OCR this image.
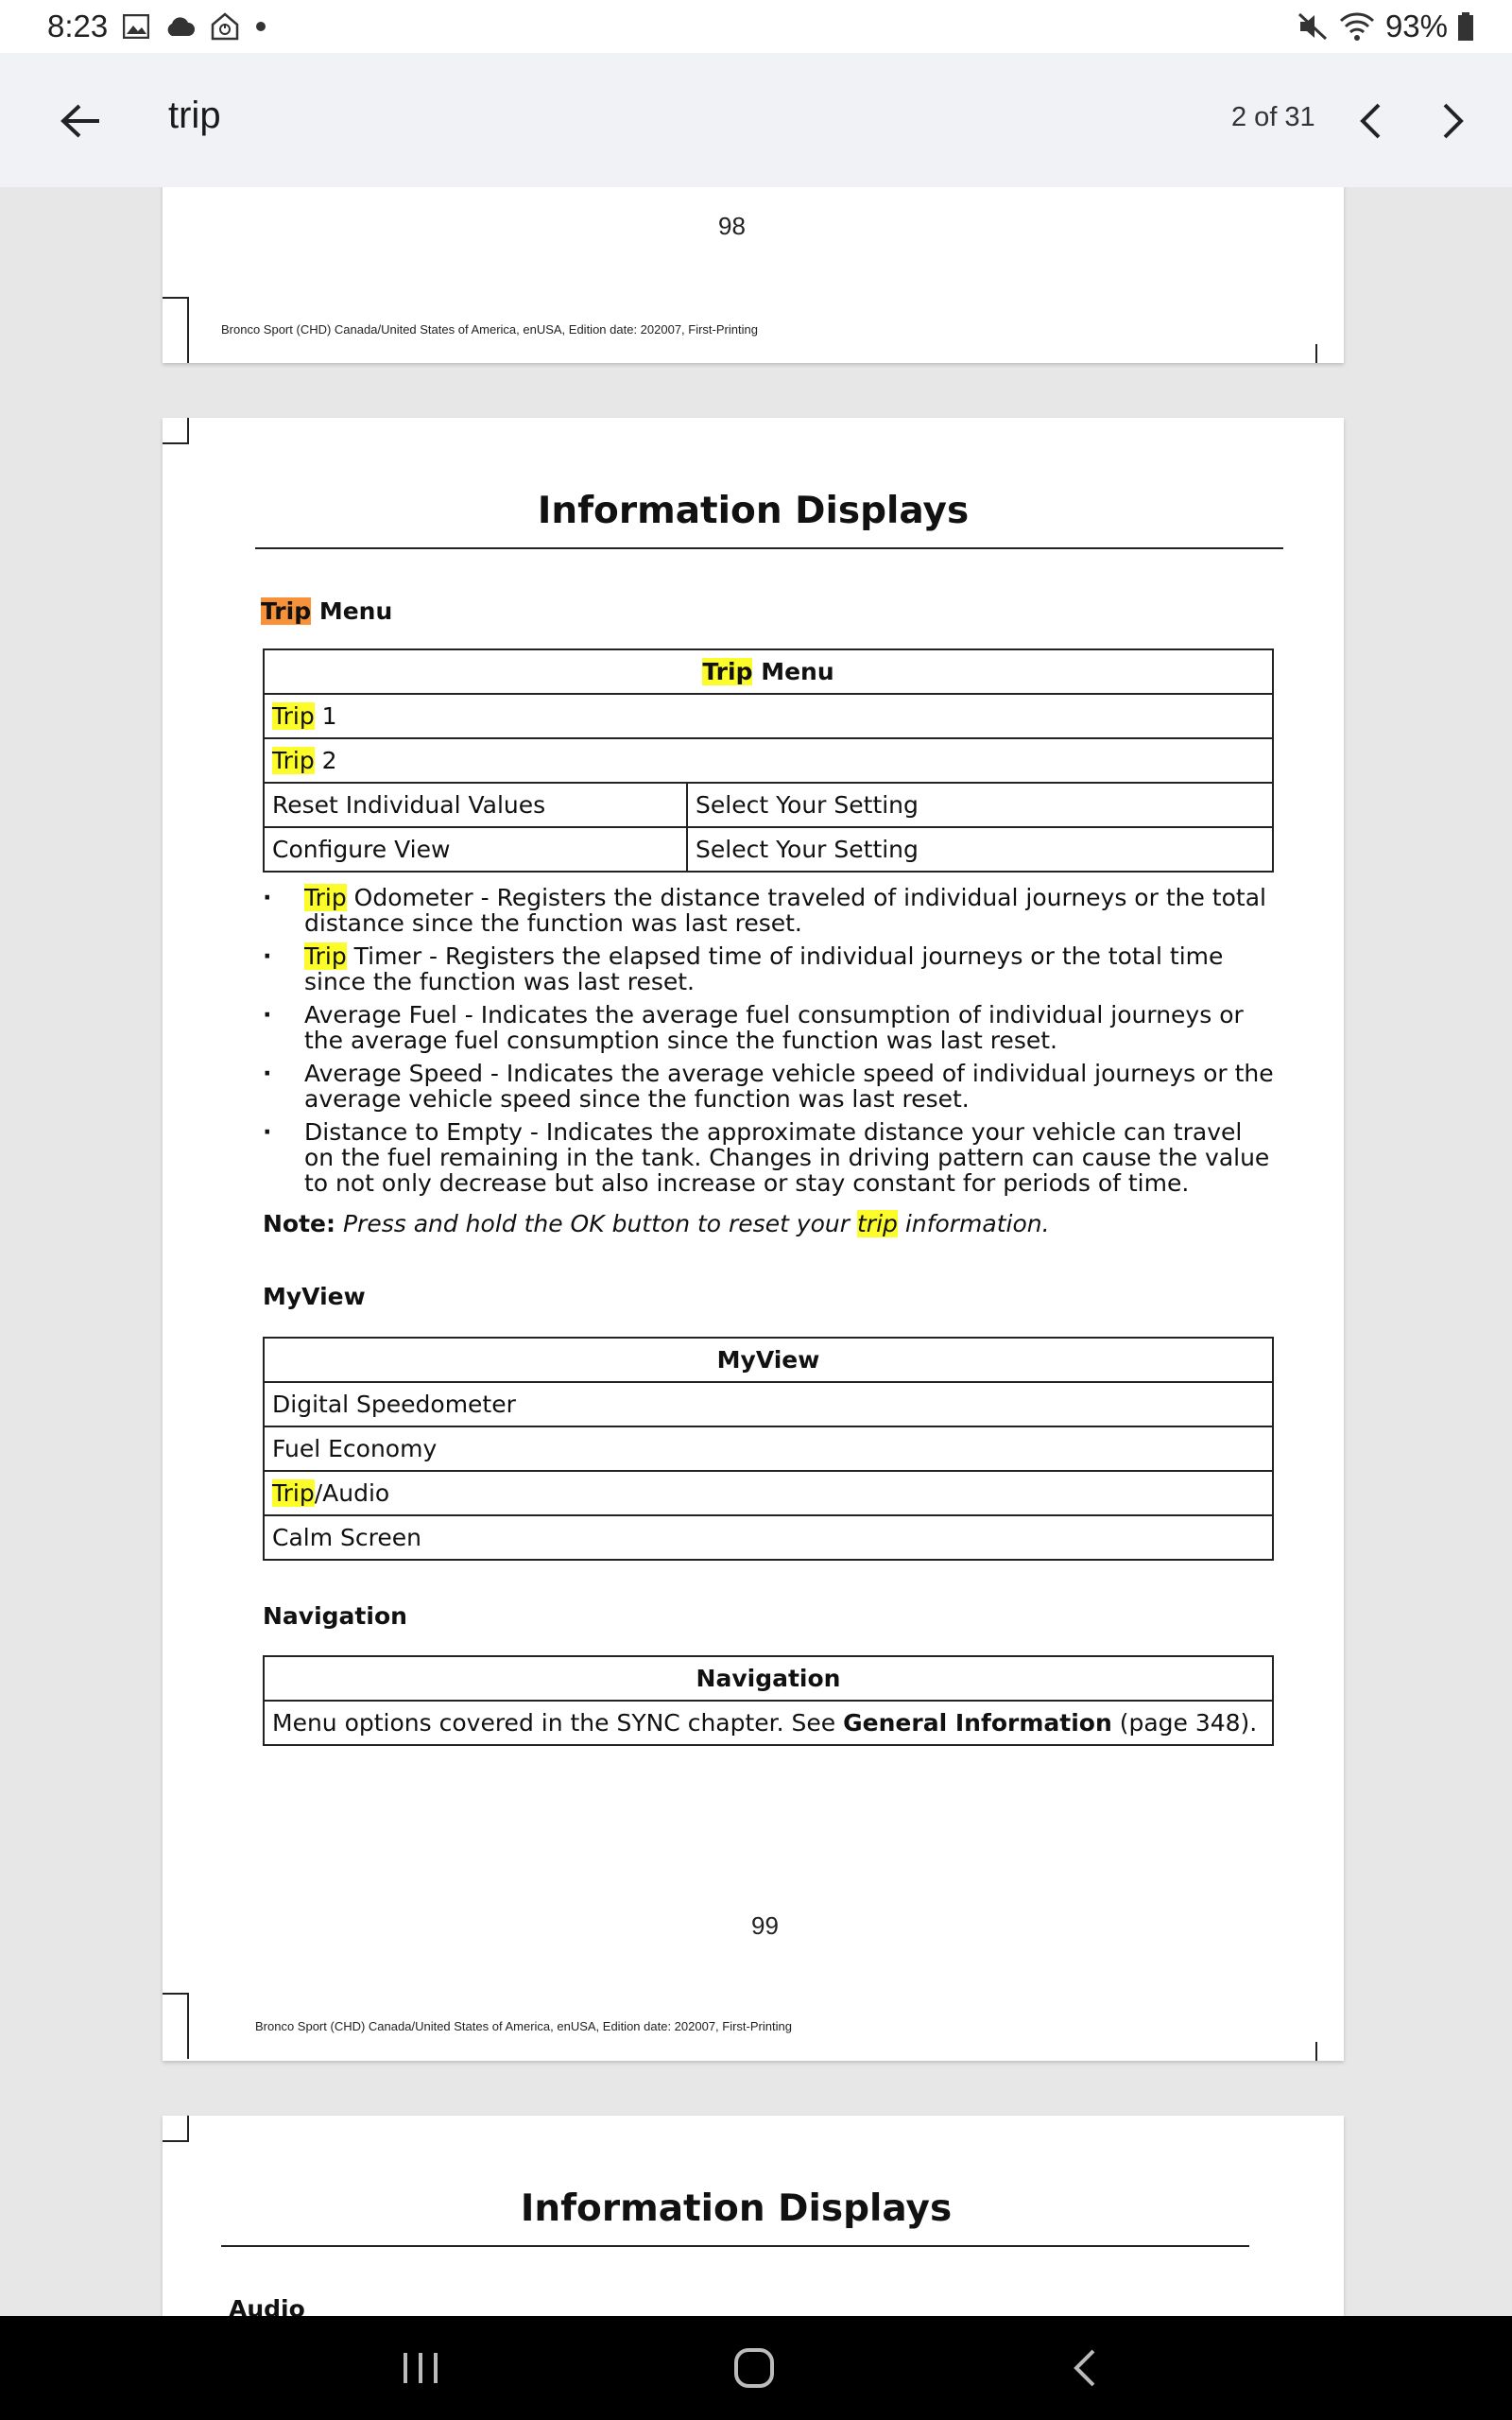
8:23	93%
trip	2 of 31
98
Bronco Sport (CHD) Canada/United States of America, enUSA, Edition date: 202007, First-Printing
Information Displays
Trip Menu
Trip Menu	
Trip 1	
Trip 2	
Reset Individual Values	Select Your Setting
Configure View	Select Your Setting
· Trip Odometer - Registers the distance traveled of individual journeys or the total distance since the function was last reset.
· Trip Timer - Registers the elapsed time of individual journeys or the total time since the function was last reset.
· Average Fuel - Indicates the average fuel consumption of individual journeys or the average fuel consumption since the function was last reset.
· Average Speed - Indicates the average vehicle speed of individual journeys or the average vehicle speed since the function was last reset.
· Distance to Empty - Indicates the approximate distance your vehicle can travel on the fuel remaining in the tank. Changes in driving pattern can cause the value to not only decrease but also increase or stay constant for periods of time.
Note: Press and hold the OK button to reset your trip information.
MyView
MyView
Digital Speedometer
Fuel Economy
Trip/Audio
Calm Screen
Navigation
Navigation
Menu options covered in the SYNC chapter. See General Information (page 348).
99
Bronco Sport (CHD) Canada/United States of America, enUSA, Edition date: 202007, First-Printing
Information Displays
Audio
